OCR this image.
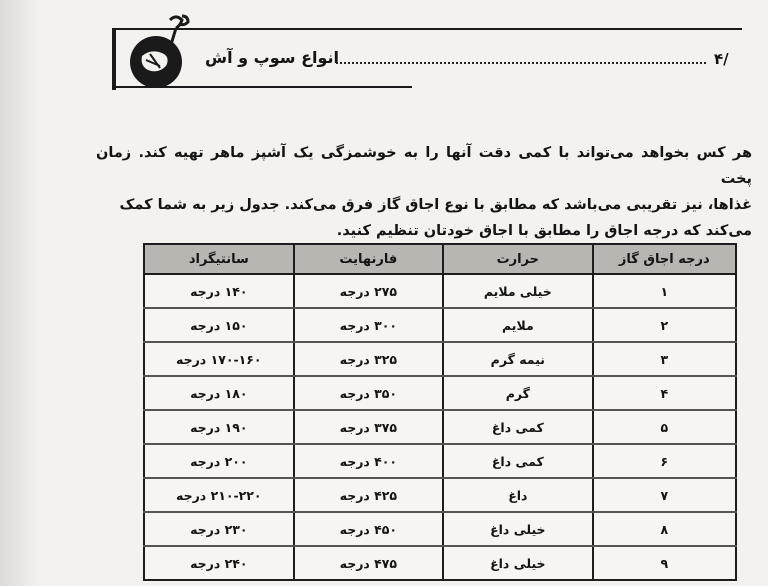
انواع سوپ و آش	/۴

هر کس بخواهد می‌تواند با کمی دقت آنها را به خوشمزگی یک آشپز ماهر تهیه کند. زمان پخت

غذاها، نیز تقریبی می‌باشد که مطابق با نوع اجاق گاز فرق می‌کند. جدول زیر به شما کمک

می‌کند که درجه اجاق را مطابق با اجاق خودتان تنظیم کنید.

درجه اجاق گاز	حرارت	فارنهایت	سانتیگراد
۱	خیلی ملایم	۲۷۵ درجه	۱۴۰ درجه
۲	ملایم	۳۰۰ درجه	۱۵۰ درجه
۳	نیمه گرم	۳۲۵ درجه	۱۷۰-۱۶۰ درجه
۴	گرم	۳۵۰ درجه	۱۸۰ درجه
۵	کمی داغ	۳۷۵ درجه	۱۹۰ درجه
۶	کمی داغ	۴۰۰ درجه	۲۰۰ درجه
۷	داغ	۴۲۵ درجه	۲۱۰-۲۲۰ درجه
۸	خیلی داغ	۴۵۰ درجه	۲۳۰ درجه
۹	خیلی داغ	۴۷۵ درجه	۲۴۰ درجه
